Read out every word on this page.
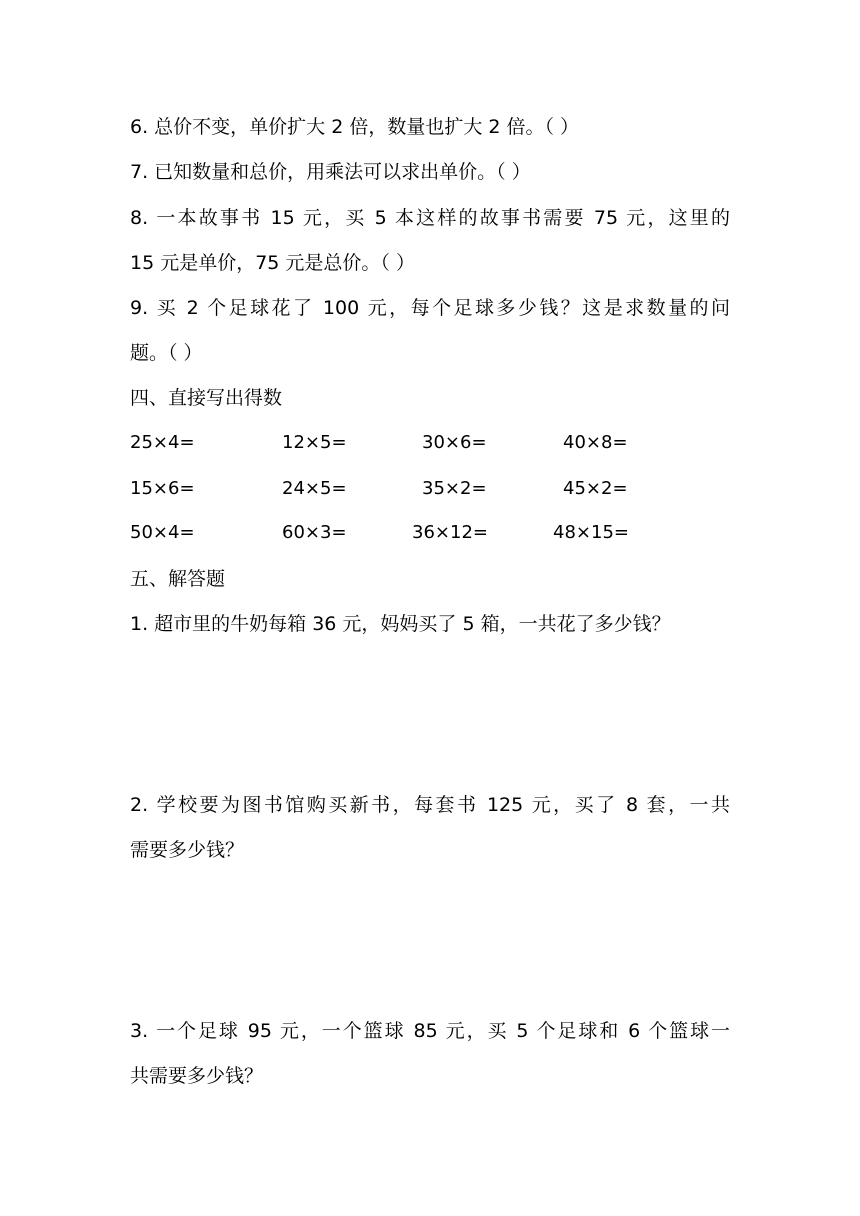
6. 总价不变，单价扩大 2 倍，数量也扩大 2 倍。（ ）
7. 已知数量和总价，用乘法可以求出单价。（ ）
8. 一本故事书 15 元，买 5 本这样的故事书需要 75 元，这里的
15 元是单价，75 元是总价。（ ）
9. 买 2 个足球花了 100 元，每个足球多少钱？这是求数量的问
题。（ ）
四、直接写出得数
25×4=	12×5=	30×6=	40×8=
15×6=	24×5=	35×2=	45×2=
50×4=	60×3=	36×12=	48×15=
五、解答题
1. 超市里的牛奶每箱 36 元，妈妈买了 5 箱，一共花了多少钱？
2. 学校要为图书馆购买新书，每套书 125 元，买了 8 套，一共
需要多少钱？
3. 一个足球 95 元，一个篮球 85 元，买 5 个足球和 6 个篮球一
共需要多少钱？
